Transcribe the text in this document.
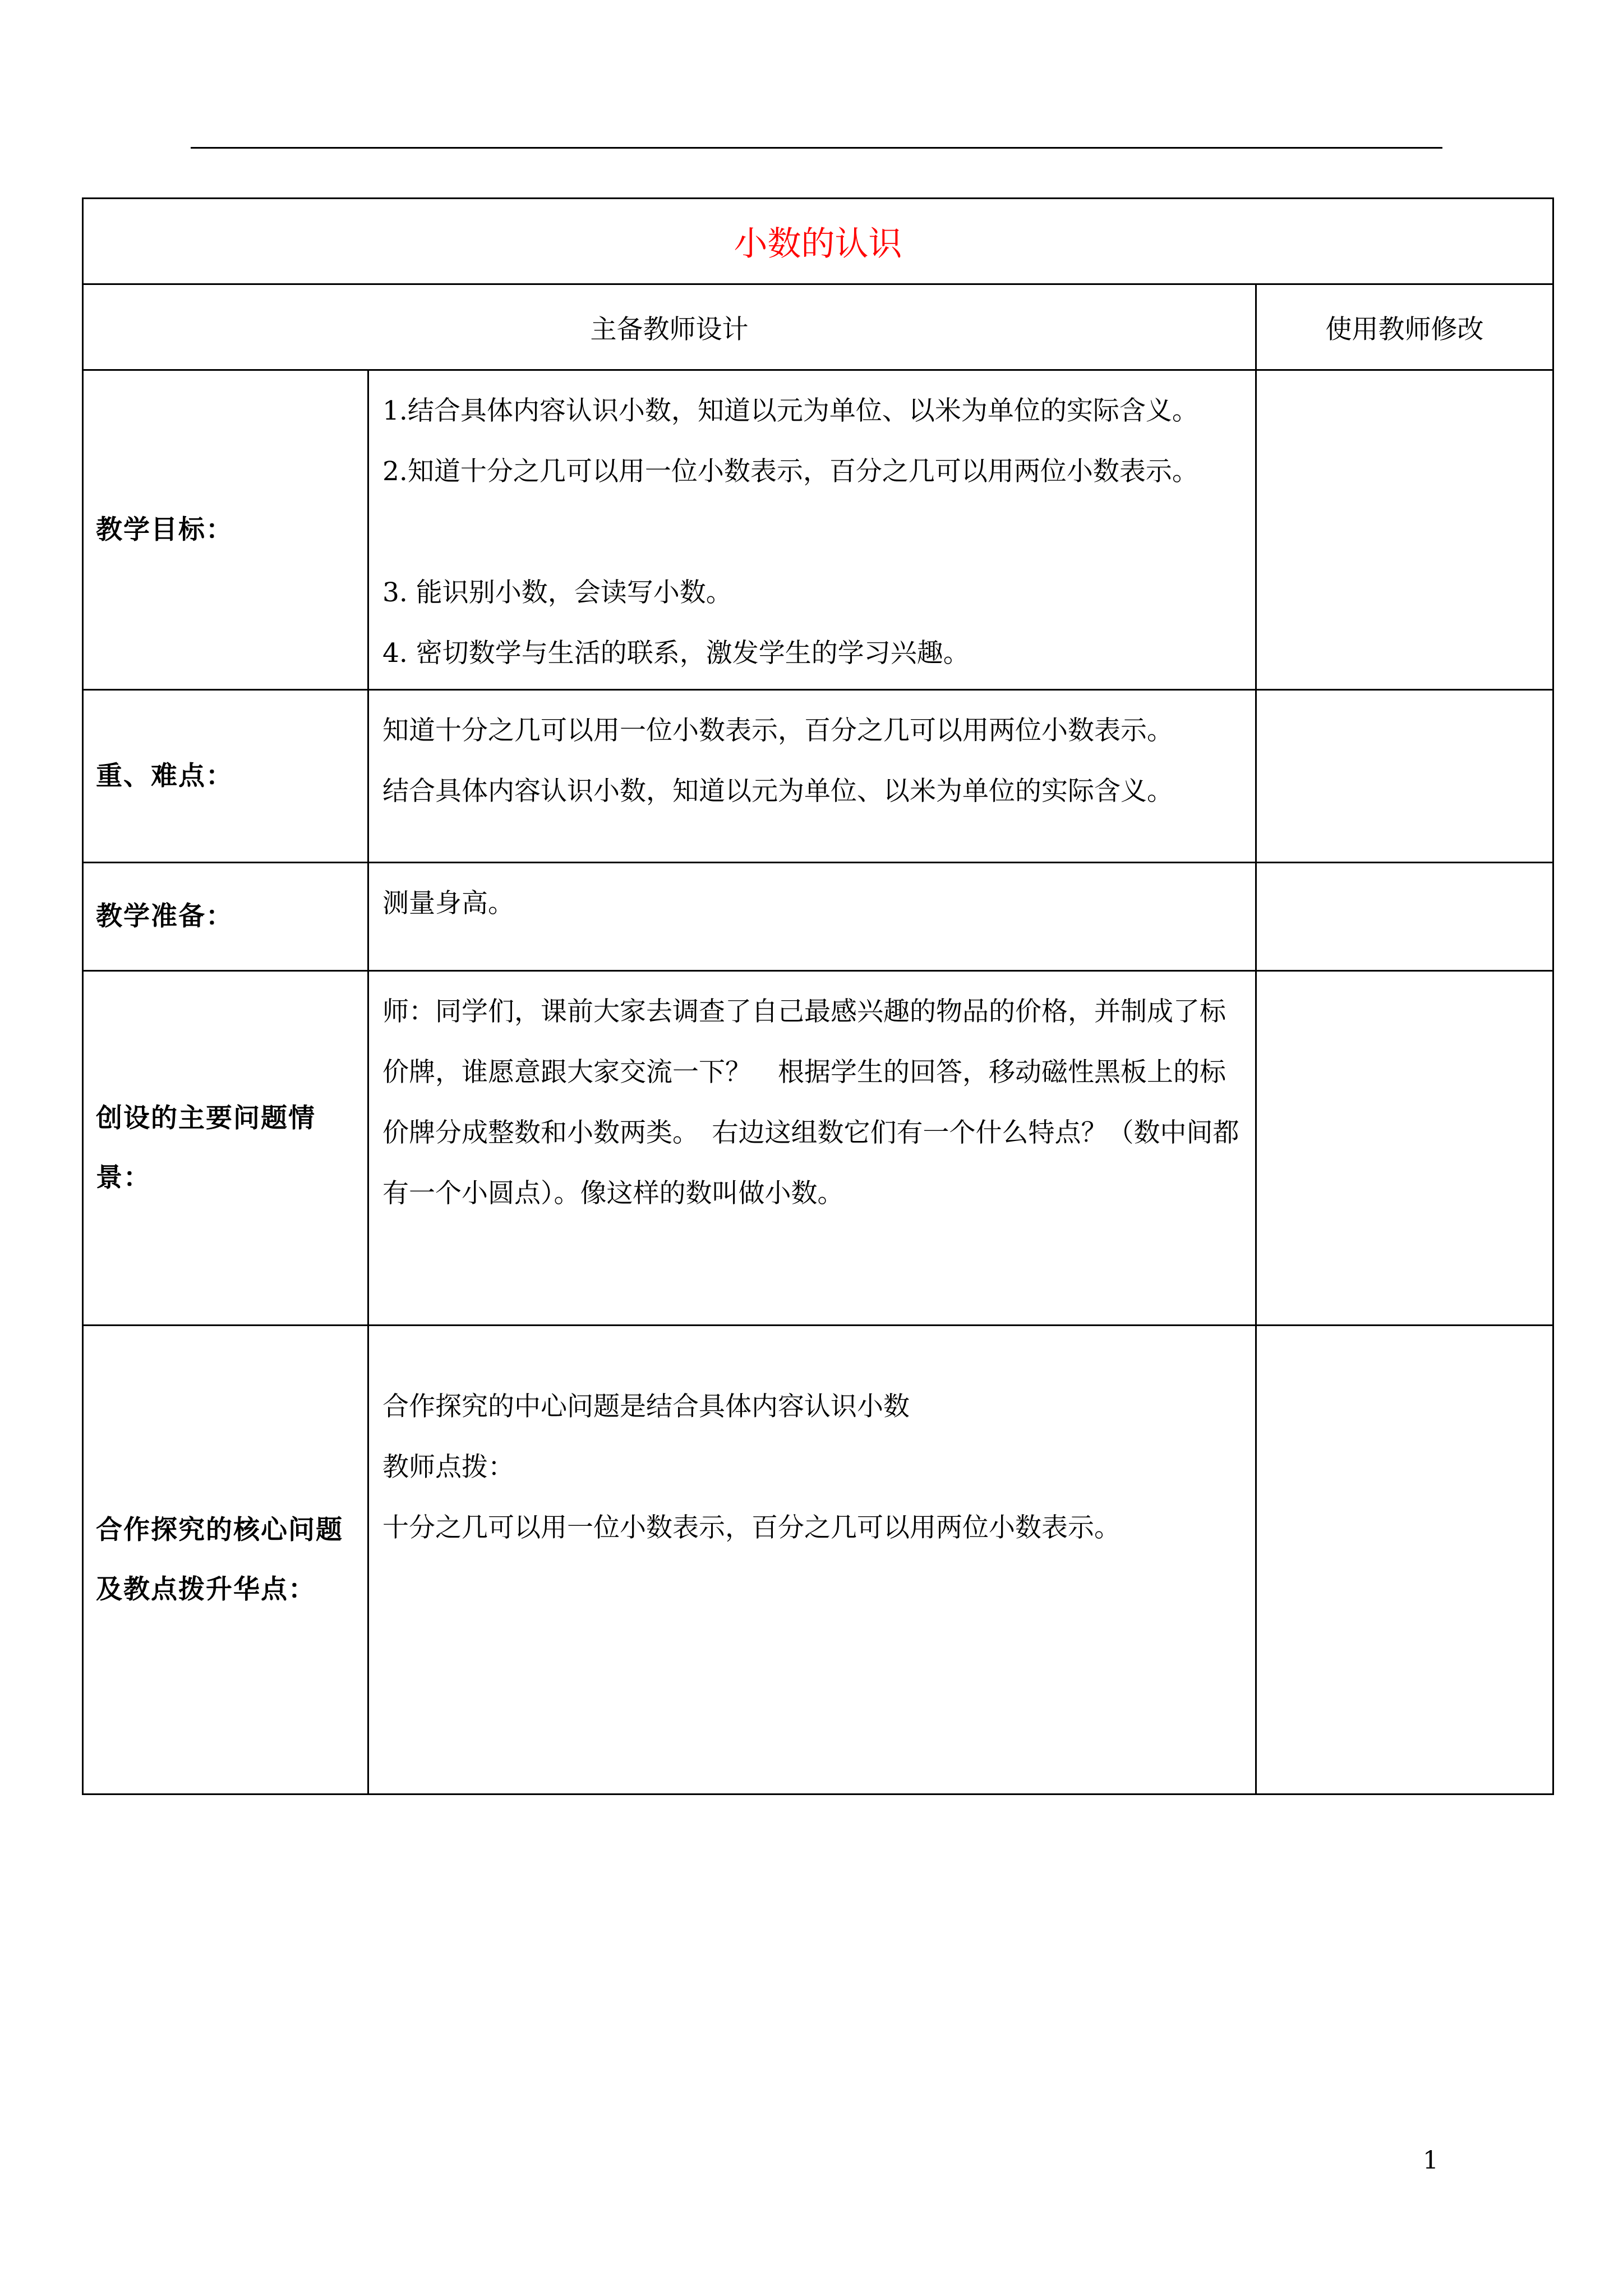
小数的认识		
主备教师设计		使用教师修改
教学目标：	1.结合具体内容认识小数，知道以元为单位、以米为单位的实际含义。

2.知道十分之几可以用一位小数表示，百分之几可以用两位小数表示。

3. 能识别小数，会读写小数。

4. 密切数学与生活的联系，激发学生的学习兴趣。	

重、难点：	知道十分之几可以用一位小数表示，百分之几可以用两位小数表示。

结合具体内容认识小数，知道以元为单位、以米为单位的实际含义。	

教学准备：	测量身高。	

创设的主要问题情景：	师：同学们，课前大家去调查了自己最感兴趣的物品的价格，并制成了标价牌，谁愿意跟大家交流一下？　根据学生的回答，移动磁性黑板上的标价牌分成整数和小数两类。　右边这组数它们有一个什么特点？（数中间都有一个小圆点）。像这样的数叫做小数。	

合作探究的核心问题及教点拨升华点：	合作探究的中心问题是结合具体内容认识小数

教师点拨：

十分之几可以用一位小数表示，百分之几可以用两位小数表示。	

1
